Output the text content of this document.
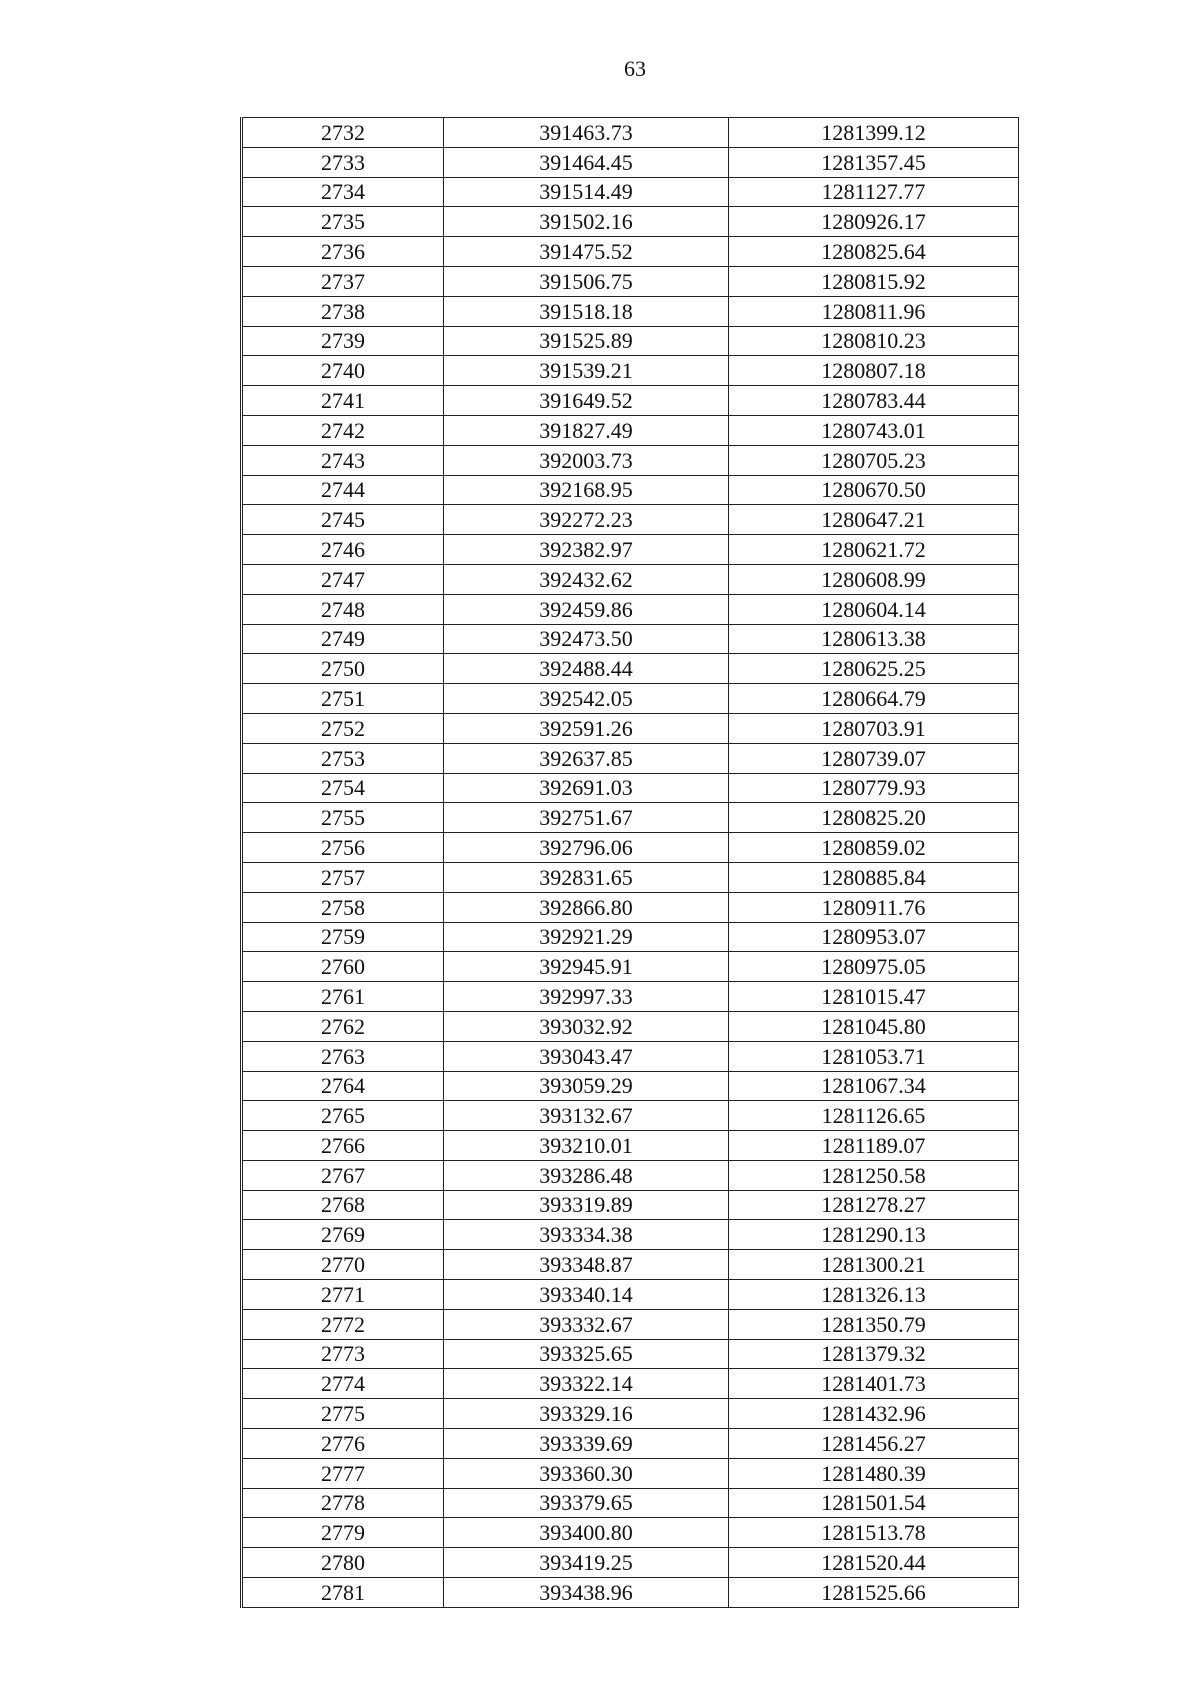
63
2732	391463.73	1281399.12
2733	391464.45	1281357.45
2734	391514.49	1281127.77
2735	391502.16	1280926.17
2736	391475.52	1280825.64
2737	391506.75	1280815.92
2738	391518.18	1280811.96
2739	391525.89	1280810.23
2740	391539.21	1280807.18
2741	391649.52	1280783.44
2742	391827.49	1280743.01
2743	392003.73	1280705.23
2744	392168.95	1280670.50
2745	392272.23	1280647.21
2746	392382.97	1280621.72
2747	392432.62	1280608.99
2748	392459.86	1280604.14
2749	392473.50	1280613.38
2750	392488.44	1280625.25
2751	392542.05	1280664.79
2752	392591.26	1280703.91
2753	392637.85	1280739.07
2754	392691.03	1280779.93
2755	392751.67	1280825.20
2756	392796.06	1280859.02
2757	392831.65	1280885.84
2758	392866.80	1280911.76
2759	392921.29	1280953.07
2760	392945.91	1280975.05
2761	392997.33	1281015.47
2762	393032.92	1281045.80
2763	393043.47	1281053.71
2764	393059.29	1281067.34
2765	393132.67	1281126.65
2766	393210.01	1281189.07
2767	393286.48	1281250.58
2768	393319.89	1281278.27
2769	393334.38	1281290.13
2770	393348.87	1281300.21
2771	393340.14	1281326.13
2772	393332.67	1281350.79
2773	393325.65	1281379.32
2774	393322.14	1281401.73
2775	393329.16	1281432.96
2776	393339.69	1281456.27
2777	393360.30	1281480.39
2778	393379.65	1281501.54
2779	393400.80	1281513.78
2780	393419.25	1281520.44
2781	393438.96	1281525.66
